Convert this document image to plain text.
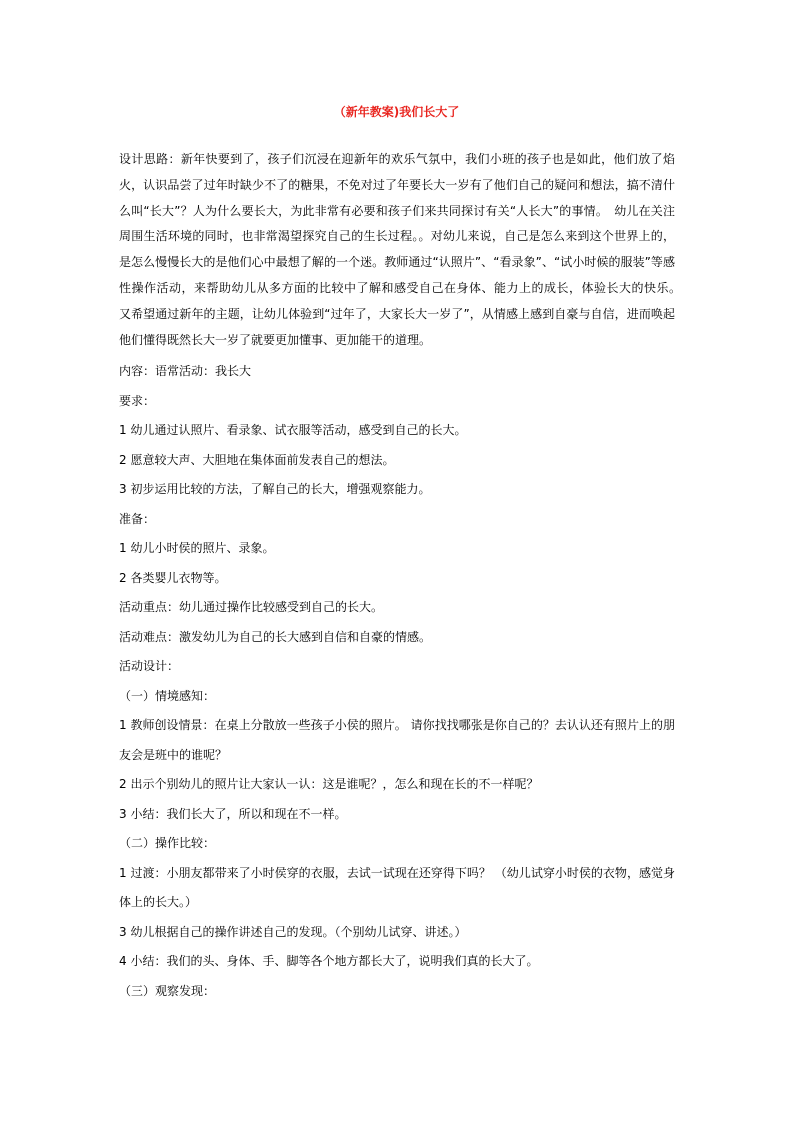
（新年教案)我们长大了

设计思路：新年快要到了，孩子们沉浸在迎新年的欢乐气氛中，我们小班的孩子也是如此，他们放了焰火，认识品尝了过年时缺少不了的糖果，不免对过了年要长大一岁有了他们自己的疑问和想法，搞不清什么叫“长大”？人为什么要长大，为此非常有必要和孩子们来共同探讨有关“人长大”的事情。　幼儿在关注周围生活环境的同时，也非常渴望探究自己的生长过程。。对幼儿来说，自己是怎么来到这个世界上的，是怎么慢慢长大的是他们心中最想了解的一个迷。教师通过“认照片”、“看录象”、“试小时候的服装”等感性操作活动，来帮助幼儿从多方面的比较中了解和感受自己在身体、能力上的成长，体验长大的快乐。　又希望通过新年的主题，让幼儿体验到“过年了，大家长大一岁了”，从情感上感到自豪与自信，进而唤起他们懂得既然长大一岁了就要更加懂事、更加能干的道理。

内容：语常活动：我长大

要求：

1 幼儿通过认照片、看录象、试衣服等活动，感受到自己的长大。

2 愿意较大声、大胆地在集体面前发表自己的想法。

3 初步运用比较的方法，了解自己的长大，增强观察能力。

准备：

1 幼儿小时侯的照片、录象。

2 各类婴儿衣物等。

活动重点：幼儿通过操作比较感受到自己的长大。

活动难点：激发幼儿为自己的长大感到自信和自豪的情感。

活动设计：

（一）情境感知：

1 教师创设情景：在桌上分散放一些孩子小侯的照片。 请你找找哪张是你自己的？去认认还有照片上的朋友会是班中的谁呢？

2 出示个别幼儿的照片让大家认一认：这是谁呢？，怎么和现在长的不一样呢？

3 小结：我们长大了，所以和现在不一样。

（二）操作比较：

1 过渡：小朋友都带来了小时侯穿的衣服，去试一试现在还穿得下吗？ （幼儿试穿小时侯的衣物，感觉身体上的长大。）

3 幼儿根据自己的操作讲述自己的发现。（个别幼儿试穿、讲述。）

4 小结：我们的头、身体、手、脚等各个地方都长大了，说明我们真的长大了。

（三）观察发现：
